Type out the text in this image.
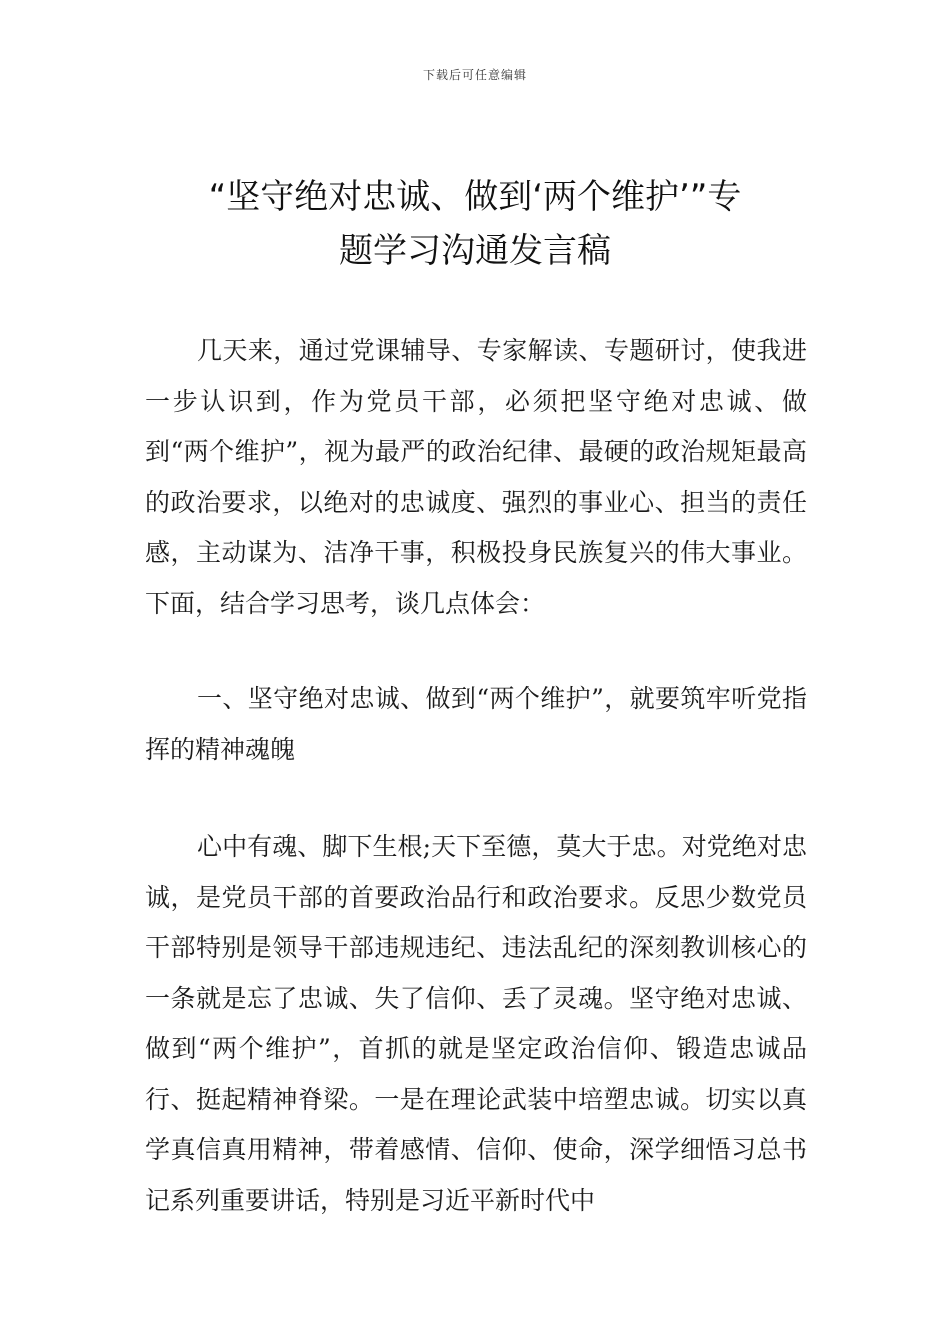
下载后可任意编辑
“坚守绝对忠诚、做到‘两个维护’”专
题学习沟通发言稿

几天来，通过党课辅导、专家解读、专题研讨，使我进一步认识到，作为党员干部，必须把坚守绝对忠诚、做到“两个维护”，视为最严的政治纪律、最硬的政治规矩最高的政治要求，以绝对的忠诚度、强烈的事业心、担当的责任感，主动谋为、洁净干事，积极投身民族复兴的伟大事业。下面，结合学习思考，谈几点体会：

一、坚守绝对忠诚、做到“两个维护”，就要筑牢听党指挥的精神魂魄

心中有魂、脚下生根;天下至德，莫大于忠。对党绝对忠诚，是党员干部的首要政治品行和政治要求。反思少数党员干部特别是领导干部违规违纪、违法乱纪的深刻教训核心的一条就是忘了忠诚、失了信仰、丢了灵魂。坚守绝对忠诚、做到“两个维护”，首抓的就是坚定政治信仰、锻造忠诚品行、挺起精神脊梁。一是在理论武装中培塑忠诚。切实以真学真信真用精神，带着感情、信仰、使命，深学细悟习总书记系列重要讲话，特别是习近平新时代中
